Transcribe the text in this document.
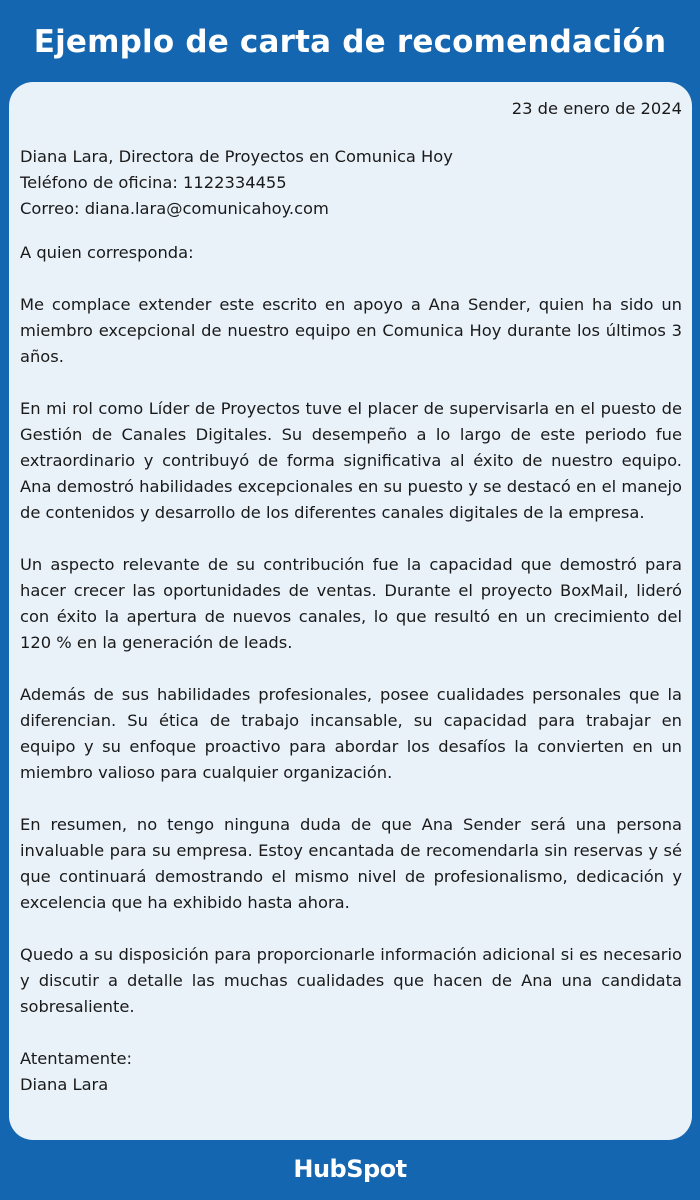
Ejemplo de carta de recomendación
23 de enero de 2024
Diana Lara, Directora de Proyectos en Comunica Hoy
Teléfono de oficina: 1122334455
Correo: diana.lara@comunicahoy.com
A quien corresponda:

Me complace extender este escrito en apoyo a Ana Sender, quien ha sido un miembro excepcional de nuestro equipo en Comunica Hoy durante los últimos 3 años.

En mi rol como Líder de Proyectos tuve el placer de supervisarla en el puesto de Gestión de Canales Digitales. Su desempeño a lo largo de este periodo fue extraordinario y contribuyó de forma significativa al éxito de nuestro equipo. Ana demostró habilidades excepcionales en su puesto y se destacó en el manejo de contenidos y desarrollo de los diferentes canales digitales de la empresa.

Un aspecto relevante de su contribución fue la capacidad que demostró para hacer crecer las oportunidades de ventas. Durante el proyecto BoxMail, lideró con éxito la apertura de nuevos canales, lo que resultó en un crecimiento del 120 % en la generación de leads.

Además de sus habilidades profesionales, posee cualidades personales que la diferencian. Su ética de trabajo incansable, su capacidad para trabajar en equipo y su enfoque proactivo para abordar los desafíos la convierten en un miembro valioso para cualquier organización.

En resumen, no tengo ninguna duda de que Ana Sender será una persona invaluable para su empresa. Estoy encantada de recomendarla sin reservas y sé que continuará demostrando el mismo nivel de profesionalismo, dedicación y excelencia que ha exhibido hasta ahora.

Quedo a su disposición para proporcionarle información adicional si es necesario y discutir a detalle las muchas cualidades que hacen de Ana una candidata sobresaliente.

Atentamente:
Diana Lara
HubSpot
